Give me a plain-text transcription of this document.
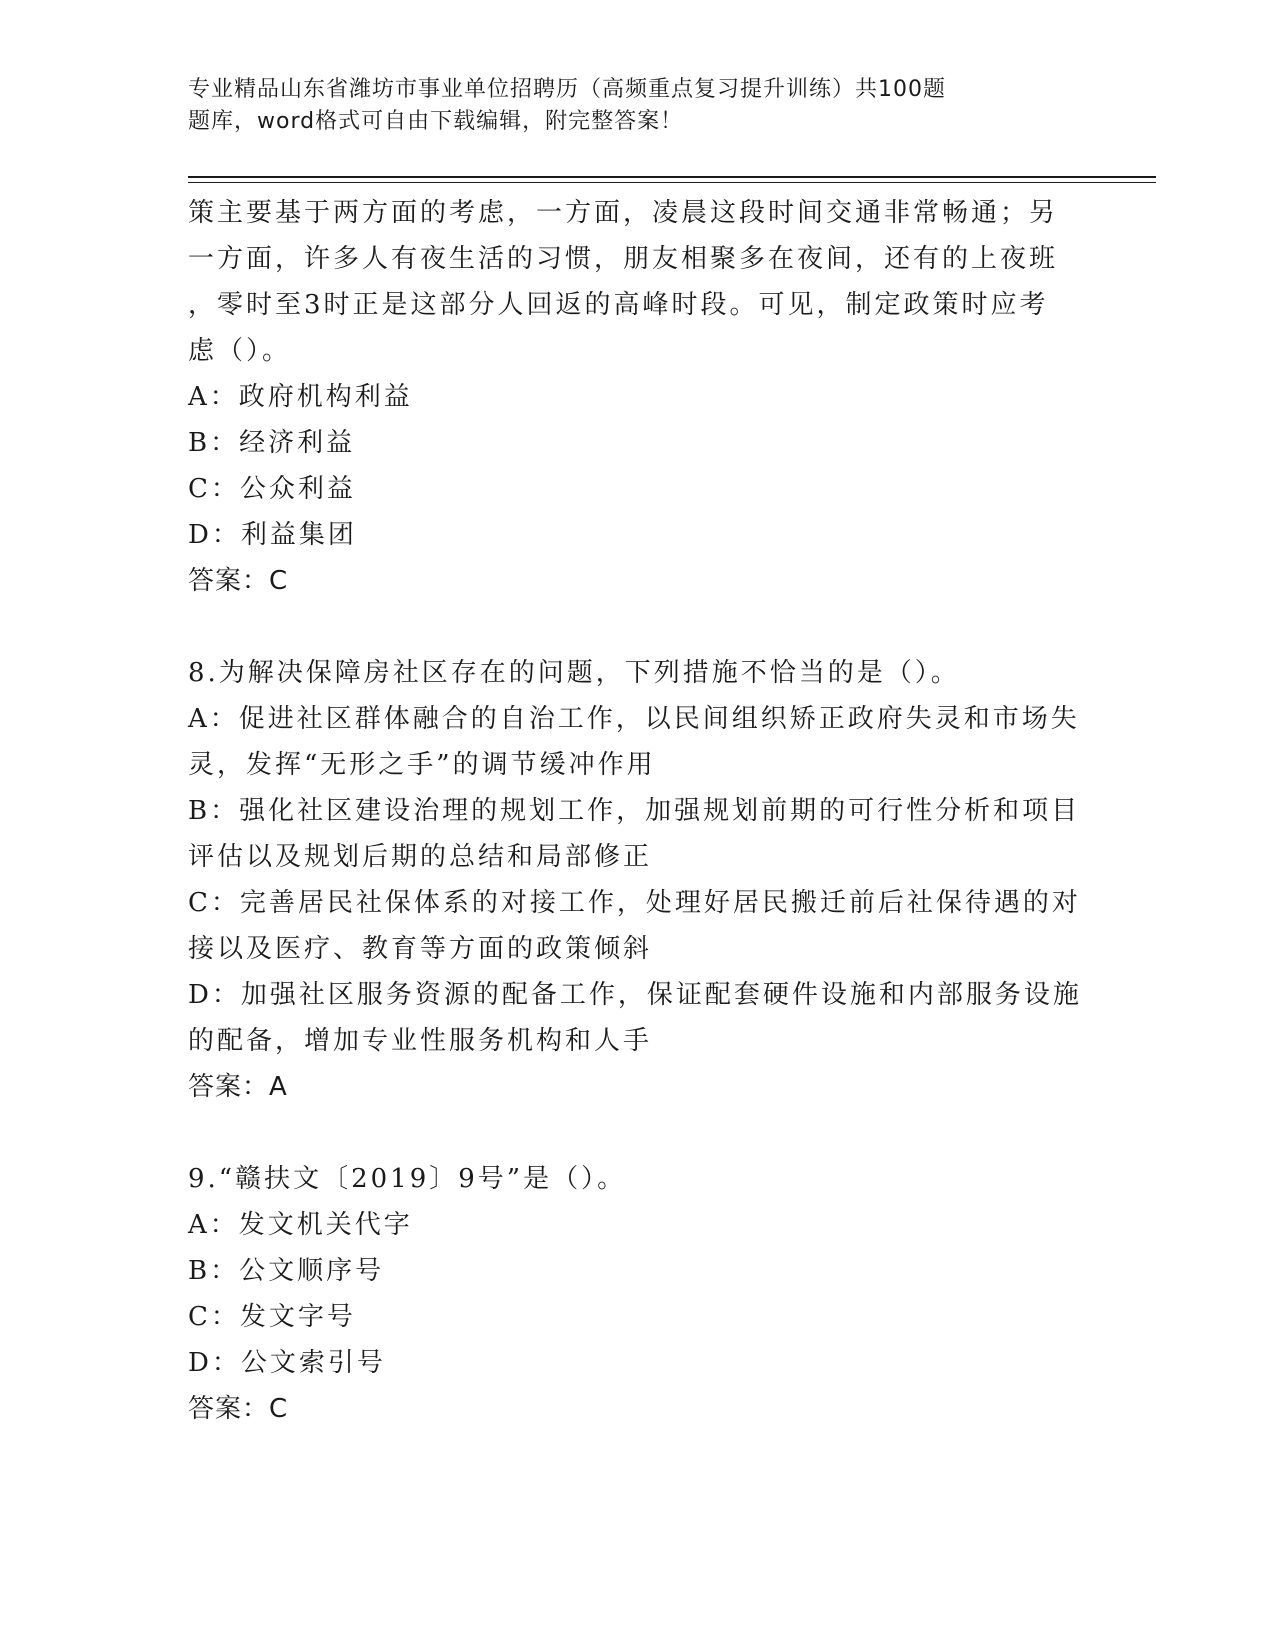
专业精品山东省潍坊市事业单位招聘历（高频重点复习提升训练）共100题
题库，word格式可自由下载编辑，附完整答案！
策主要基于两方面的考虑，一方面，凌晨这段时间交通非常畅通；另
一方面，许多人有夜生活的习惯，朋友相聚多在夜间，还有的上夜班
，零时至3时正是这部分人回返的高峰时段。可见，制定政策时应考
虑（）。
A：政府机构利益
B：经济利益
C：公众利益
D：利益集团
答案：C
8.为解决保障房社区存在的问题，下列措施不恰当的是（）。
A：促进社区群体融合的自治工作，以民间组织矫正政府失灵和市场失
灵，发挥“无形之手”的调节缓冲作用
B：强化社区建设治理的规划工作，加强规划前期的可行性分析和项目
评估以及规划后期的总结和局部修正
C：完善居民社保体系的对接工作，处理好居民搬迁前后社保待遇的对
接以及医疗、教育等方面的政策倾斜
D：加强社区服务资源的配备工作，保证配套硬件设施和内部服务设施
的配备，增加专业性服务机构和人手
答案：A
9.“赣扶文〔2019〕9号”是（）。
A：发文机关代字
B：公文顺序号
C：发文字号
D：公文索引号
答案：C
